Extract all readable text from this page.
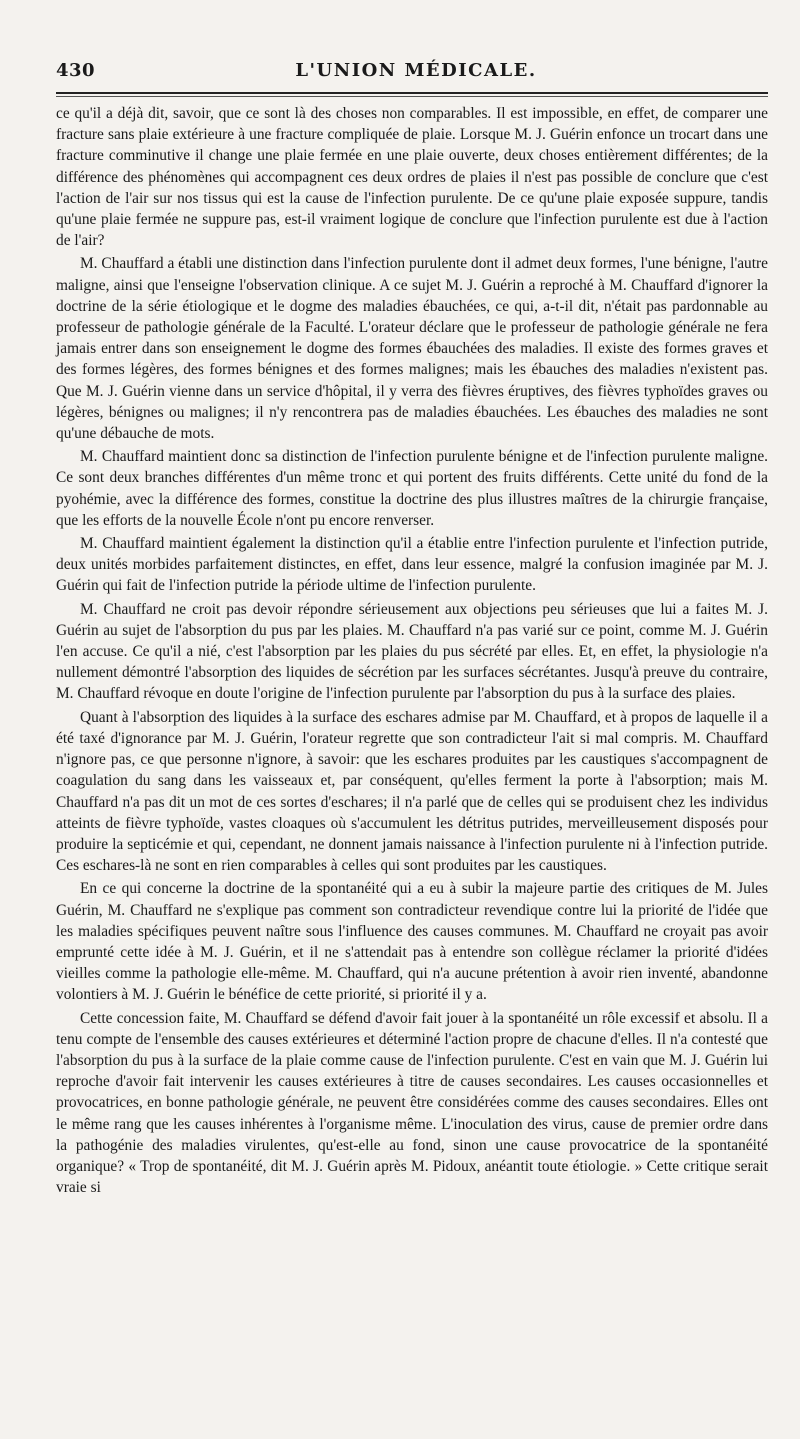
430	L'UNION MÉDICALE.

ce qu'il a déjà dit, savoir, que ce sont là des choses non comparables. Il est impossible, en effet, de comparer une fracture sans plaie extérieure à une fracture compliquée de plaie. Lorsque M. J. Guérin enfonce un trocart dans une fracture comminutive il change une plaie fermée en une plaie ouverte, deux choses entièrement différentes; de la différence des phénomènes qui accompagnent ces deux ordres de plaies il n'est pas possible de conclure que c'est l'action de l'air sur nos tissus qui est la cause de l'infection purulente. De ce qu'une plaie exposée suppure, tandis qu'une plaie fermée ne suppure pas, est-il vraiment logique de conclure que l'infection purulente est due à l'action de l'air?

M. Chauffard a établi une distinction dans l'infection purulente dont il admet deux formes, l'une bénigne, l'autre maligne, ainsi que l'enseigne l'observation clinique. A ce sujet M. J. Guérin a reproché à M. Chauffard d'ignorer la doctrine de la série étiologique et le dogme des maladies ébauchées, ce qui, a-t-il dit, n'était pas pardonnable au professeur de pathologie générale de la Faculté. L'orateur déclare que le professeur de pathologie générale ne fera jamais entrer dans son enseignement le dogme des formes ébauchées des maladies. Il existe des formes graves et des formes légères, des formes bénignes et des formes malignes; mais les ébauches des maladies n'existent pas. Que M. J. Guérin vienne dans un service d'hôpital, il y verra des fièvres éruptives, des fièvres typhoïdes graves ou légères, bénignes ou malignes; il n'y rencontrera pas de maladies ébauchées. Les ébauches des maladies ne sont qu'une débauche de mots.

M. Chauffard maintient donc sa distinction de l'infection purulente bénigne et de l'infection purulente maligne. Ce sont deux branches différentes d'un même tronc et qui portent des fruits différents. Cette unité du fond de la pyohémie, avec la différence des formes, constitue la doctrine des plus illustres maîtres de la chirurgie française, que les efforts de la nouvelle École n'ont pu encore renverser.

M. Chauffard maintient également la distinction qu'il a établie entre l'infection purulente et l'infection putride, deux unités morbides parfaitement distinctes, en effet, dans leur essence, malgré la confusion imaginée par M. J. Guérin qui fait de l'infection putride la période ultime de l'infection purulente.

M. Chauffard ne croit pas devoir répondre sérieusement aux objections peu sérieuses que lui a faites M. J. Guérin au sujet de l'absorption du pus par les plaies. M. Chauffard n'a pas varié sur ce point, comme M. J. Guérin l'en accuse. Ce qu'il a nié, c'est l'absorption par les plaies du pus sécrété par elles. Et, en effet, la physiologie n'a nullement démontré l'absorption des liquides de sécrétion par les surfaces sécrétantes. Jusqu'à preuve du contraire, M. Chauffard révoque en doute l'origine de l'infection purulente par l'absorption du pus à la surface des plaies.

Quant à l'absorption des liquides à la surface des eschares admise par M. Chauffard, et à propos de laquelle il a été taxé d'ignorance par M. J. Guérin, l'orateur regrette que son contradicteur l'ait si mal compris. M. Chauffard n'ignore pas, ce que personne n'ignore, à savoir: que les eschares produites par les caustiques s'accompagnent de coagulation du sang dans les vaisseaux et, par conséquent, qu'elles ferment la porte à l'absorption; mais M. Chauffard n'a pas dit un mot de ces sortes d'eschares; il n'a parlé que de celles qui se produisent chez les individus atteints de fièvre typhoïde, vastes cloaques où s'accumulent les détritus putrides, merveilleusement disposés pour produire la septicémie et qui, cependant, ne donnent jamais naissance à l'infection purulente ni à l'infection putride. Ces eschares-là ne sont en rien comparables à celles qui sont produites par les caustiques.

En ce qui concerne la doctrine de la spontanéité qui a eu à subir la majeure partie des critiques de M. Jules Guérin, M. Chauffard ne s'explique pas comment son contradicteur revendique contre lui la priorité de l'idée que les maladies spécifiques peuvent naître sous l'influence des causes communes. M. Chauffard ne croyait pas avoir emprunté cette idée à M. J. Guérin, et il ne s'attendait pas à entendre son collègue réclamer la priorité d'idées vieilles comme la pathologie elle-même. M. Chauffard, qui n'a aucune prétention à avoir rien inventé, abandonne volontiers à M. J. Guérin le bénéfice de cette priorité, si priorité il y a.

Cette concession faite, M. Chauffard se défend d'avoir fait jouer à la spontanéité un rôle excessif et absolu. Il a tenu compte de l'ensemble des causes extérieures et déterminé l'action propre de chacune d'elles. Il n'a contesté que l'absorption du pus à la surface de la plaie comme cause de l'infection purulente. C'est en vain que M. J. Guérin lui reproche d'avoir fait intervenir les causes extérieures à titre de causes secondaires. Les causes occasionnelles et provocatrices, en bonne pathologie générale, ne peuvent être considérées comme des causes secondaires. Elles ont le même rang que les causes inhérentes à l'organisme même. L'inoculation des virus, cause de premier ordre dans la pathogénie des maladies virulentes, qu'est-elle au fond, sinon une cause provocatrice de la spontanéité organique? « Trop de spontanéité, dit M. J. Guérin après M. Pidoux, anéantit toute étiologie. » Cette critique serait vraie si
